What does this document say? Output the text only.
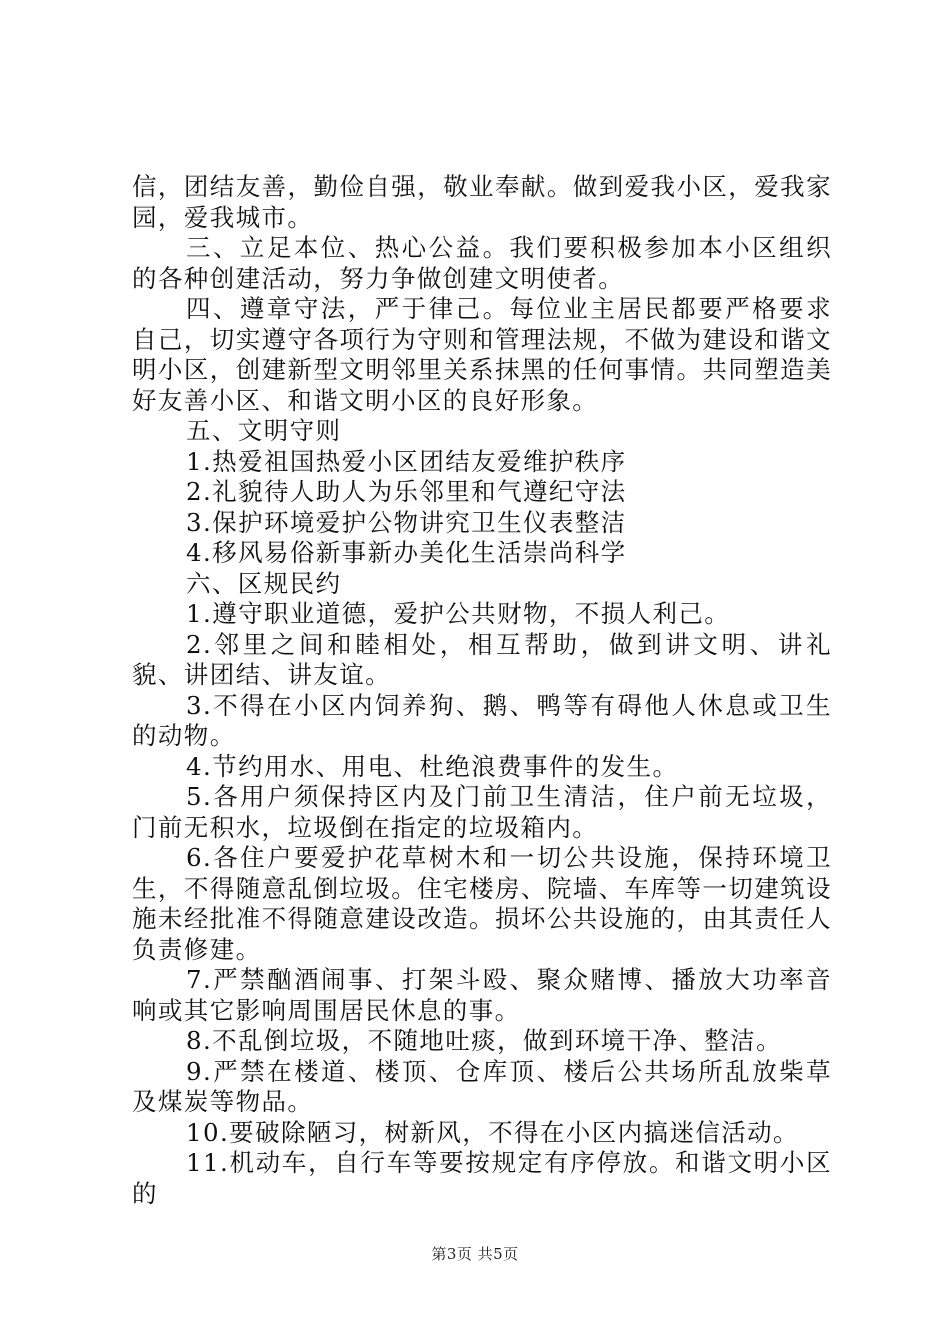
信，团结友善，勤俭自强，敬业奉献。做到爱我小区，爱我家园，爱我城市。

三、立足本位、热心公益。我们要积极参加本小区组织的各种创建活动，努力争做创建文明使者。

四、遵章守法，严于律己。每位业主居民都要严格要求自己，切实遵守各项行为守则和管理法规，不做为建设和谐文明小区，创建新型文明邻里关系抹黑的任何事情。共同塑造美好友善小区、和谐文明小区的良好形象。

五、文明守则

1.热爱祖国热爱小区团结友爱维护秩序

2.礼貌待人助人为乐邻里和气遵纪守法

3.保护环境爱护公物讲究卫生仪表整洁

4.移风易俗新事新办美化生活崇尚科学

六、区规民约

1.遵守职业道德，爱护公共财物，不损人利己。

2.邻里之间和睦相处，相互帮助，做到讲文明、讲礼貌、讲团结、讲友谊。

3.不得在小区内饲养狗、鹅、鸭等有碍他人休息或卫生的动物。

4.节约用水、用电、杜绝浪费事件的发生。

5.各用户须保持区内及门前卫生清洁，住户前无垃圾，门前无积水，垃圾倒在指定的垃圾箱内。

6.各住户要爱护花草树木和一切公共设施，保持环境卫生，不得随意乱倒垃圾。住宅楼房、院墙、车库等一切建筑设施未经批准不得随意建设改造。损坏公共设施的，由其责任人负责修建。

7.严禁酗酒闹事、打架斗殴、聚众赌博、播放大功率音响或其它影响周围居民休息的事。

8.不乱倒垃圾，不随地吐痰，做到环境干净、整洁。

9.严禁在楼道、楼顶、仓库顶、楼后公共场所乱放柴草及煤炭等物品。

10.要破除陋习，树新风，不得在小区内搞迷信活动。

11.机动车，自行车等要按规定有序停放。和谐文明小区的

第3页 共5页
